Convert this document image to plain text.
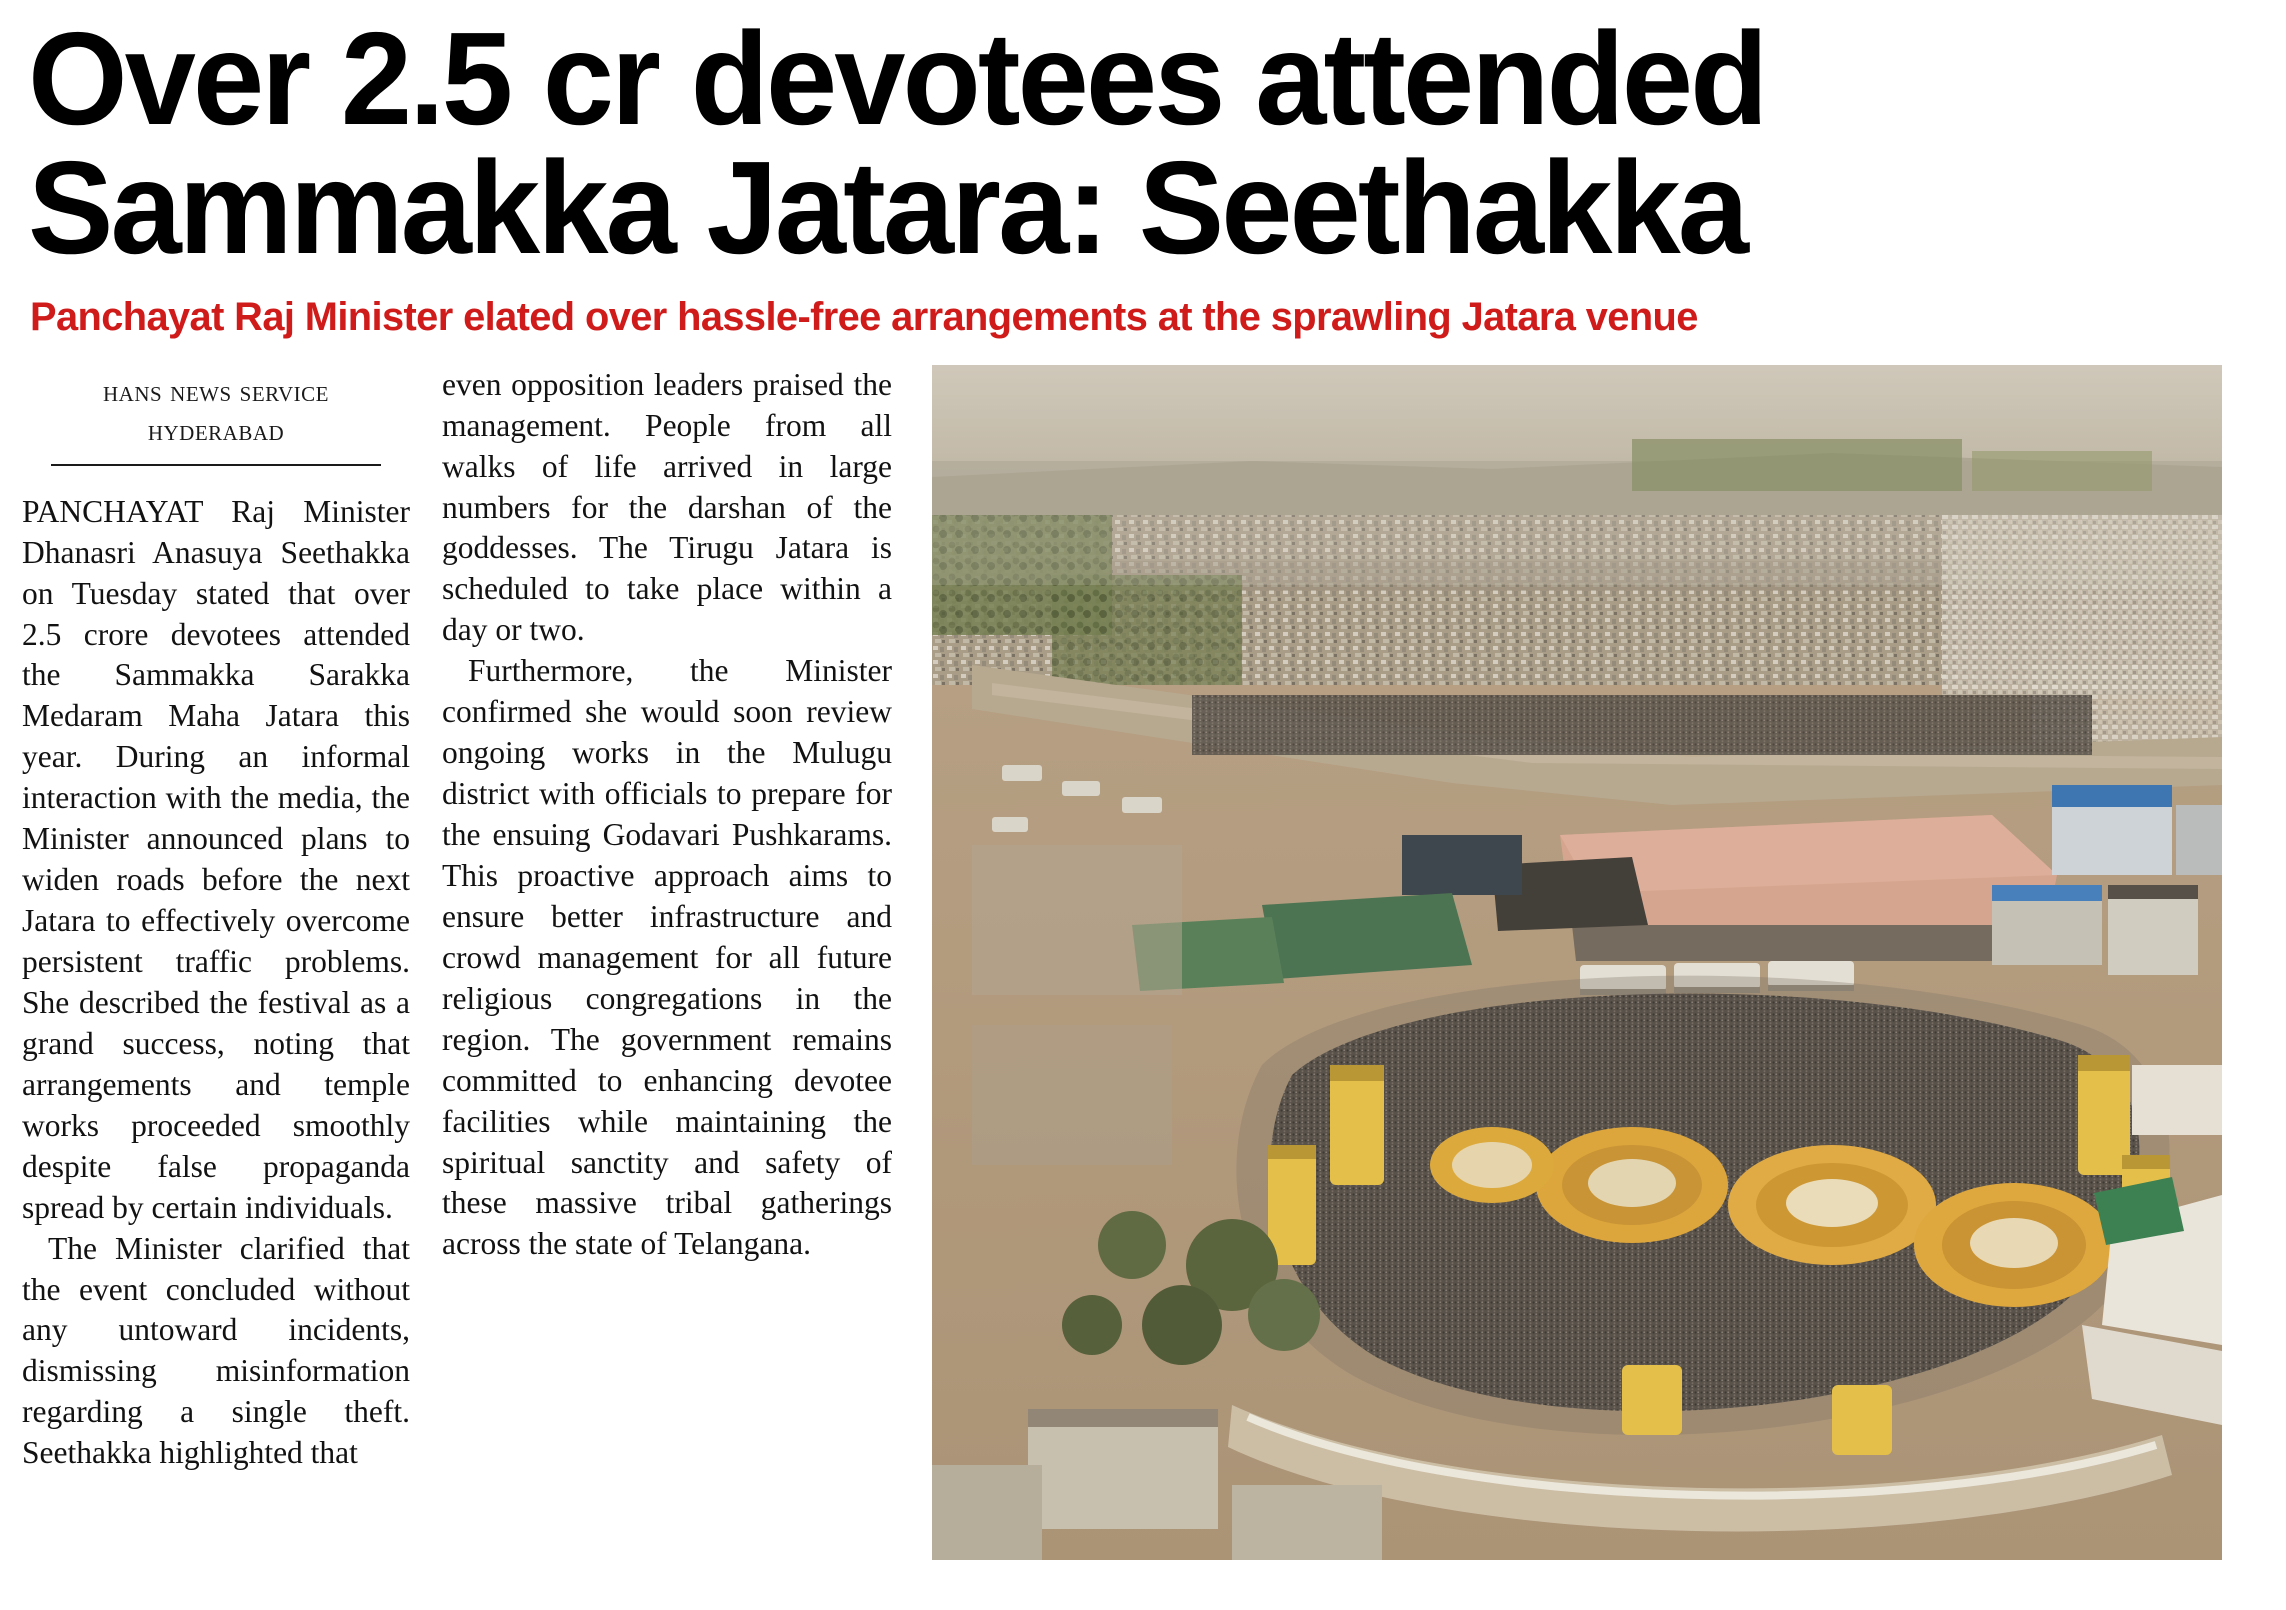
Over 2.5 cr devotees attended
Sammakka Jatara: Seethakka
Panchayat Raj Minister elated over hassle-free arrangements at the sprawling Jatara venue
hans news service
hyderabad

PANCHAYAT Raj Minister Dhanasri Anasuya Seethakka on Tuesday stated that over 2.5 crore devotees attended the Sammakka Sarakka Medaram Maha Jatara this year. During an informal interaction with the media, the Minister announced plans to widen roads before the next Jatara to effectively overcome persistent traffic problems. She described the festival as a grand success, noting that arrangements and temple works proceeded smoothly despite false propaganda spread by certain individuals.

The Minister clarified that the event concluded without any untoward incidents, dismissing misinformation regarding a single theft. Seethakka highlighted that

even opposition leaders praised the management. People from all walks of life arrived in large numbers for the darshan of the goddesses. The Tirugu Jatara is scheduled to take place within a day or two.

Furthermore, the Minister confirmed she would soon review ongoing works in the Mulugu district with officials to prepare for the ensuing Godavari Pushkarams. This proactive approach aims to ensure better infrastructure and crowd management for all future religious congregations in the region. The government remains committed to enhancing devotee facilities while maintaining the spiritual sanctity and safety of these massive tribal gatherings across the state of Telangana.
